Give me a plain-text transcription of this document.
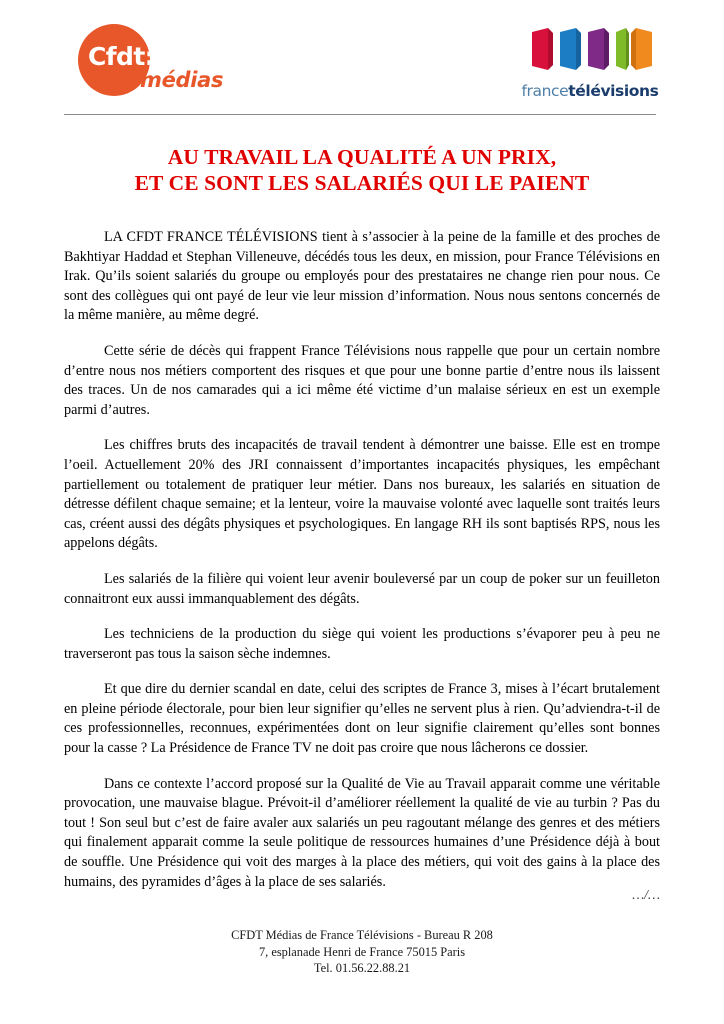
Cfdt:
médias	francetélévisions
AU TRAVAIL LA QUALITÉ A UN PRIX,
ET CE SONT LES SALARIÉS QUI LE PAIENT

LA CFDT FRANCE TÉLÉVISIONS tient à s’associer à la peine de la famille et des proches de Bakhtiyar Haddad et Stephan Villeneuve, décédés tous les deux, en mission, pour France Télévisions en Irak. Qu’ils soient salariés du groupe ou employés pour des prestataires ne change rien pour nous. Ce sont des collègues qui ont payé de leur vie leur mission d’information. Nous nous sentons concernés de la même manière, au même degré.

Cette série de décès qui frappent France Télévisions nous rappelle que pour un certain nombre d’entre nous nos métiers comportent des risques et que pour une bonne partie d’entre nous ils laissent des traces. Un de nos camarades qui a ici même été victime d’un malaise sérieux en est un exemple parmi d’autres.

Les chiffres bruts des incapacités de travail tendent à démontrer une baisse. Elle est en trompe l’oeil. Actuellement 20% des JRI connaissent d’importantes incapacités physiques, les empêchant partiellement ou totalement de pratiquer leur métier. Dans nos bureaux, les salariés en situation de détresse défilent chaque semaine; et la lenteur, voire la mauvaise volonté avec laquelle sont traités leurs cas, créent aussi des dégâts physiques et psychologiques. En langage RH ils sont baptisés RPS, nous les appelons dégâts.

Les salariés de la filière qui voient leur avenir bouleversé par un coup de poker sur un feuilleton connaitront eux aussi immanquablement des dégâts.

Les techniciens de la production du siège qui voient les productions s’évaporer peu à peu ne traverseront pas tous la saison sèche indemnes.

Et que dire du dernier scandal en date, celui des scriptes de France 3, mises à l’écart brutalement en pleine période électorale, pour bien leur signifier qu’elles ne servent plus à rien. Qu’adviendra-t-il de ces professionnelles, reconnues, expérimentées dont on leur signifie clairement qu’elles sont bonnes pour la casse ? La Présidence de France TV ne doit pas croire que nous lâcherons ce dossier.

Dans ce contexte l’accord proposé sur la Qualité de Vie au Travail apparait comme une véritable provocation, une mauvaise blague. Prévoit-il d’améliorer réellement la qualité de vie au turbin ? Pas du tout ! Son seul but c’est de faire avaler aux salariés un peu ragoutant mélange des genres et des métiers qui finalement apparait comme la seule politique de ressources humaines d’une Présidence déjà à bout de souffle. Une Présidence qui voit des marges à la place des métiers, qui voit des gains à la place des humains, des pyramides d’âges à la place de ses salariés.

…/…
CFDT Médias de France Télévisions - Bureau R 208
7, esplanade Henri de France 75015 Paris
Tel. 01.56.22.88.21
